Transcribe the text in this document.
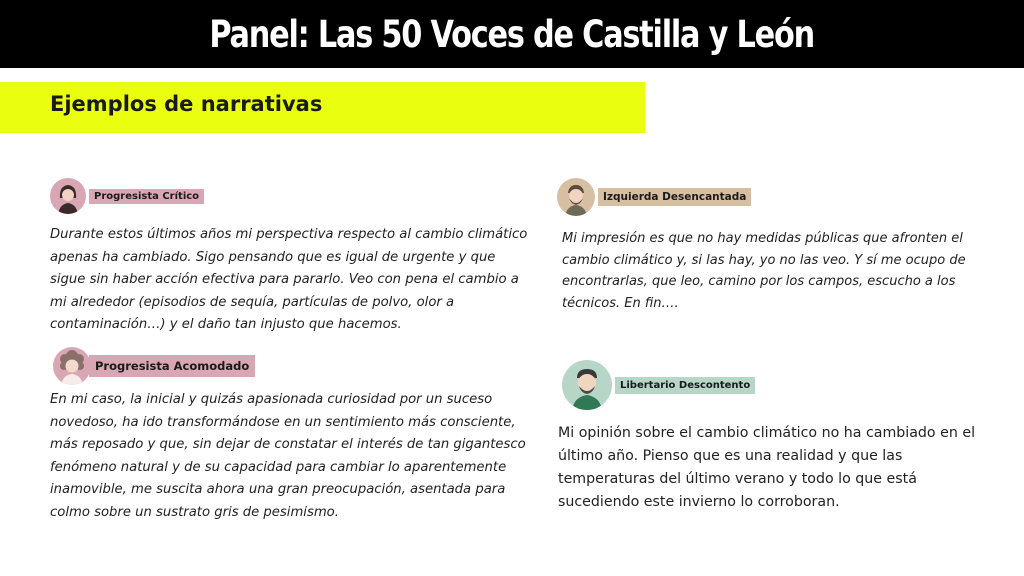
Panel: Las 50 Voces de Castilla y León
Ejemplos de narrativas
Progresista Crítico

Durante estos últimos años mi perspectiva respecto al cambio climático apenas ha cambiado. Sigo pensando que es igual de urgente y que sigue sin haber acción efectiva para pararlo. Veo con pena el cambio a mi alrededor (episodios de sequía, partículas de polvo, olor a contaminación…) y el daño tan injusto que hacemos.

Izquierda Desencantada

Mi impresión es que no hay medidas públicas que afronten el cambio climático y, si las hay, yo no las veo. Y sí me ocupo de encontrarlas, que leo, camino por los campos, escucho a los técnicos. En fin….

Progresista Acomodado

En mi caso, la inicial y quizás apasionada curiosidad por un suceso novedoso, ha ido transformándose en un sentimiento más consciente, más reposado y que, sin dejar de constatar el interés de tan gigantesco fenómeno natural y de su capacidad para cambiar lo aparentemente inamovible, me suscita ahora una gran preocupación, asentada para colmo sobre un sustrato gris de pesimismo.

Libertario Descontento

Mi opinión sobre el cambio climático no ha cambiado en el último año. Pienso que es una realidad y que las temperaturas del último verano y todo lo que está sucediendo este invierno lo corroboran.
